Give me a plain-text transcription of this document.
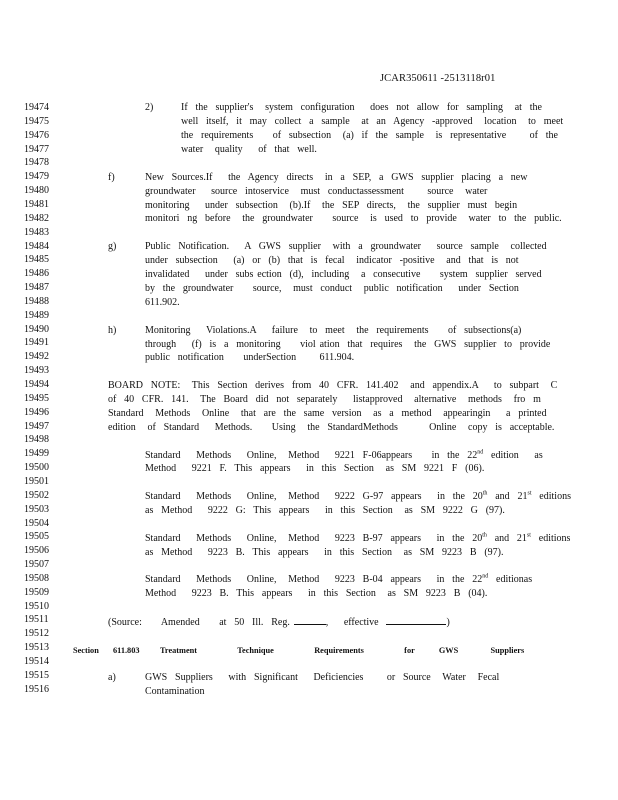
JCAR350611 -2513118r01
19474
19475
19476
19477
19478
19479
19480
19481
19482
19483
19484
19485
19486
19487
19488
19489
19490
19491
19492
19493
19494
19495
19496
19497
19498
19499
19500
19501
19502
19503
19504
19505
19506
19507
19508
19509
19510
19511
19512
19513
19514
19515
19516
2)	If  the  supplier's   system  configuration    does  not  allow  for  sampling   at  the
well  itself,  it  may  collect  a  sample   at  an  Agency  -approved   location   to  meet
the  requirements     of  subsection   (a)  if  the  sample   is  representative      of  the
water   quality    of  that  well.
f)	New  Sources.If    the  Agency  directs   in  a  SEP,  a  GWS  supplier  placing  a  new
groundwater    source  intoservice   must  conductassessment      source   water
monitoring    under  subsection   (b).If   the  SEP  directs,   the  supplier  must  begin
monitori  ng  before   the  groundwater     source   is  used  to  provide   water  to  the  public.
g)	Public  Notification.    A  GWS  supplier   with  a  groundwater    source  sample   collected
under  subsection    (a)  or  (b)  that  is  fecal   indicator  -positive   and  that  is  not
invalidated    under  subs ection  (d),  including   a  consecutive     system  supplier  served
by  the  groundwater     source,   must  conduct   public  notification    under  Section
611.902.
h)	Monitoring    Violations.A    failure   to  meet   the  requirements     of  subsections(a)
through    (f)  is  a  monitoring     viol ation  that  requires   the  GWS  supplier  to  provide
public  notification     underSection      611.904.
BOARD  NOTE:   This  Section  derives  from  40  CFR.  141.402   and  appendix.A    to  subpart   C
of  40  CFR.  141.   The  Board  did  not  separately    listapproved   alternative   methods   fro  m
Standard   Methods   Online   that  are  the  same  version   as  a  method   appearingin    a  printed
edition   of  Standard    Methods.     Using   the  StandardMethods        Online   copy  is  acceptable.
Standard    Methods    Online,   Method    9221  F-06appears     in  the  22nd  edition    as
Method    9221  F.  This  appears    in  this  Section   as  SM  9221  F  (06).
Standard    Methods    Online,   Method    9222  G-97  appears    in  the  20th  and  21st  editions
as  Method    9222  G:  This  appears    in  this  Section   as  SM  9222  G  (97).
Standard    Methods    Online,   Method    9223  B-97  appears    in  the  20th  and  21st  editions
as  Method    9223  B.  This  appears    in  this  Section   as  SM  9223  B  (97).
Standard    Methods    Online,   Method    9223  B-04  appears    in  the  22nd  editionas
Method    9223  B.  This  appears    in  this  Section   as  SM  9223  B  (04).
(Source:     Amended     at  50  Ill.  Reg.	,    effective	)
Section 611.803 Treatment     Technique     Requirements     for   GWS    Suppliers
a)	GWS  Suppliers    with  Significant    Deficiencies      or  Source   Water   Fecal
Contamination
